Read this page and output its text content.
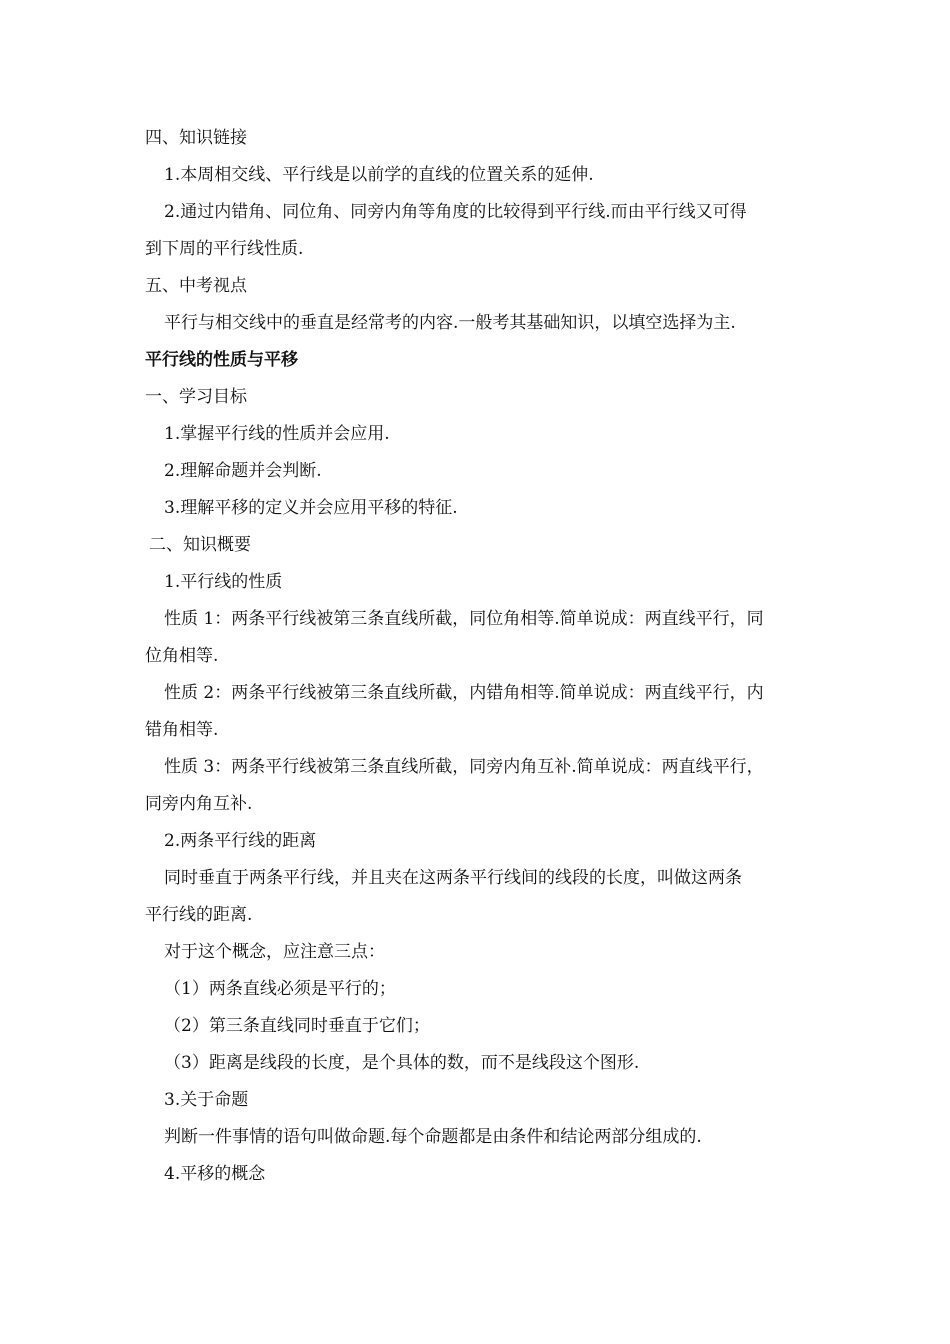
四、知识链接
1.本周相交线、平行线是以前学的直线的位置关系的延伸.
2.通过内错角、同位角、同旁内角等角度的比较得到平行线.而由平行线又可得
到下周的平行线性质.
五、中考视点
平行与相交线中的垂直是经常考的内容.一般考其基础知识，以填空选择为主.
平行线的性质与平移
一、学习目标
1.掌握平行线的性质并会应用.
2.理解命题并会判断.
3.理解平移的定义并会应用平移的特征.
二、知识概要
1.平行线的性质
性质 1：两条平行线被第三条直线所截，同位角相等.简单说成：两直线平行，同
位角相等.
性质 2：两条平行线被第三条直线所截，内错角相等.简单说成：两直线平行，内
错角相等.
性质 3：两条平行线被第三条直线所截，同旁内角互补.简单说成：两直线平行，
同旁内角互补.
2.两条平行线的距离
同时垂直于两条平行线，并且夹在这两条平行线间的线段的长度，叫做这两条
平行线的距离.
对于这个概念，应注意三点：
（1）两条直线必须是平行的；
（2）第三条直线同时垂直于它们；
（3）距离是线段的长度，是个具体的数，而不是线段这个图形.
3.关于命题
判断一件事情的语句叫做命题.每个命题都是由条件和结论两部分组成的.
4.平移的概念
